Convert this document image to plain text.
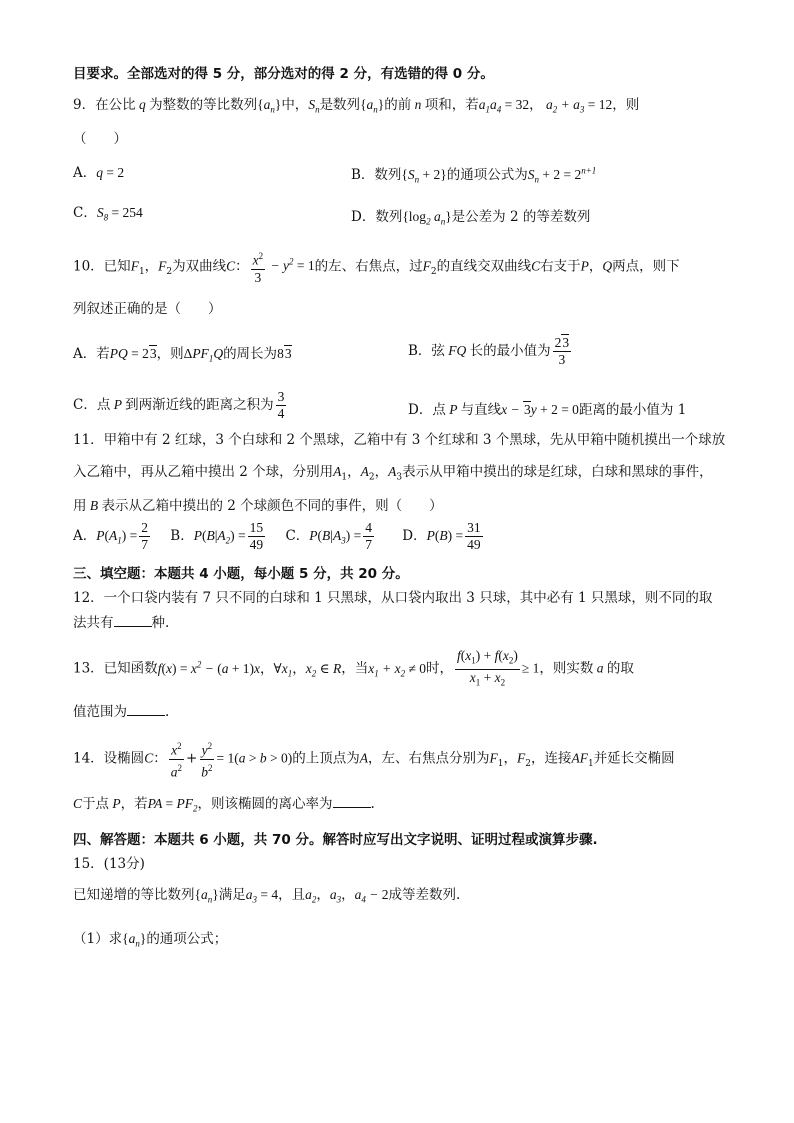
目要求。全部选对的得 5 分，部分选对的得 2 分，有选错的得 0 分。
9．在公比 q 为整数的等比数列$\{a_n\}$中，$S_n$是数列$\{a_n\}$的前 n 项和，若$a_1a_4 = 32$， $a_2 + a_3 = 12$，则
（　　）
A．q = 2	B．数列$\{S_n + 2\}$的通项公式为$S_n + 2 = 2^{n+1}$
C．$S_8 = 254$	D．数列{$\log_2$ $a_n$}是公差为 2 的等差数列
10．已知$F_1$，$F_2$为双曲线C： $\frac{x^2}{3} - y^2 = 1$的左、右焦点，过$F_2$的直线交双曲线C右支于P，Q两点，则下
列叙述正确的是（　　）
A．若PQ = 23，则$\Delta PF_1Q$的周长为83	B．弦 FQ 长的最小值为 $\frac{23}{3}$
C．点 P 到两渐近线的距离之积为 $\frac{3}{4}$	D．点 P 与直线x − 3y + 2 = 0距离的最小值为 1
11．甲箱中有 2 红球，3 个白球和 2 个黑球，乙箱中有 3 个红球和 3 个黑球，先从甲箱中随机摸出一个球放
入乙箱中，再从乙箱中摸出 2 个球，分别用$A_1$，$A_2$，$A_3$表示从甲箱中摸出的球是红球，白球和黑球的事件，
用 B 表示从乙箱中摸出的 2 个球颜色不同的事件，则（　　）
A．$P(A_1) = \frac{2}{7}$ B．$P(B|A_2) = \frac{15}{49}$ C．$P(B|A_3) = \frac{4}{7}$ D．$P(B) = \frac{31}{49}$
三、填空题：本题共 4 小题，每小题 5 分，共 20 分。
12．一个口袋内装有 7 只不同的白球和 1 只黑球，从口袋内取出 3 只球，其中必有 1 只黑球，则不同的取
法共有	种.
13．已知函数$f(x) = x^2 - (a + 1)x$，$\forall x_1$，$x_2$ ∈ R，当$x_1 + x_2 \ne 0$时， $\frac{f(x_1) + f(x_2)}{x_1 + x_2} \ge 1$，则实数 a 的取
值范围为	.
14．设椭圆C： $\frac{x^2}{a^2} + \frac{y^2}{b^2} = 1(a > b > 0)$的上顶点为A，左、右焦点分别为$F_1$，$F_2$，连接$AF_1$并延长交椭圆
C于点 P，若PA = $PF_2$，则该椭圆的离心率为	.
四、解答题：本题共 6 小题，共 70 分。解答时应写出文字说明、证明过程或演算步骤.
15．(13分)
已知递增的等比数列$\{a_n\}$满足$a_3 = 4$，且$a_2$，$a_3$，$a_4 - 2$成等差数列.
（1）求$\{a_n\}$的通项公式；
